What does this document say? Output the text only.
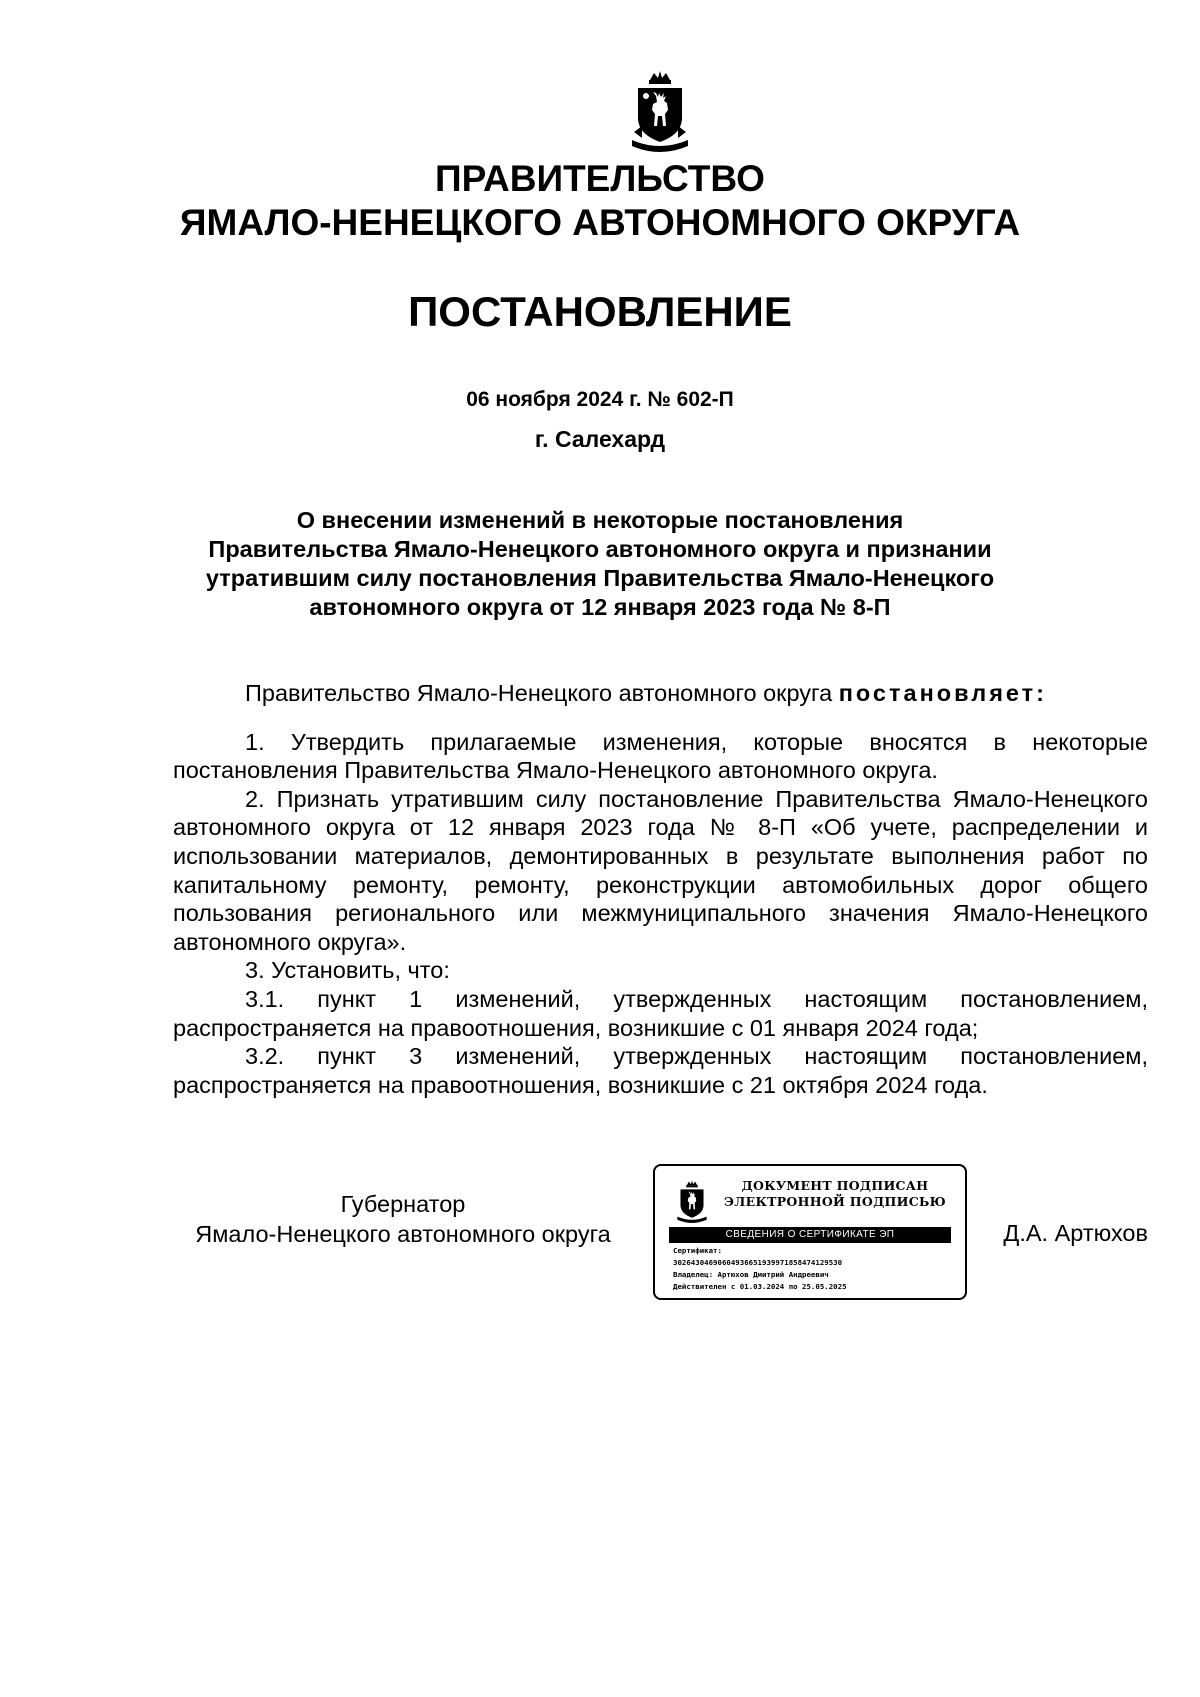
ПРАВИТЕЛЬСТВО
ЯМАЛО-НЕНЕЦКОГО АВТОНОМНОГО ОКРУГА
ПОСТАНОВЛЕНИЕ
06 ноября 2024 г. № 602-П
г. Салехард
О внесении изменений в некоторые постановления
Правительства Ямало-Ненецкого автономного округа и признании
утратившим силу постановления Правительства Ямало-Ненецкого
автономного округа от 12 января 2023 года № 8-П

Правительство Ямало-Ненецкого автономного округа постановляет:

1. Утвердить прилагаемые изменения, которые вносятся в некоторые постановления Правительства Ямало-Ненецкого автономного округа.

2. Признать утратившим силу постановление Правительства Ямало-Ненецкого автономного округа от 12 января 2023 года № 8-П «Об учете, распределении и использовании материалов, демонтированных в результате выполнения работ по капитальному ремонту, ремонту, реконструкции автомобильных дорог общего пользования регионального или межмуниципального значения Ямало-Ненецкого автономного округа».

3. Установить, что:

3.1. пункт 1 изменений, утвержденных настоящим постановлением, распространяется на правоотношения, возникшие с 01 января 2024 года;

3.2. пункт 3 изменений, утвержденных настоящим постановлением, распространяется на правоотношения, возникшие с 21 октября 2024 года.

Губернатор
Ямало-Ненецкого автономного округа
ДОКУМЕНТ ПОДПИСАН
ЭЛЕКТРОННОЙ ПОДПИСЬЮ
СВЕДЕНИЯ О СЕРТИФИКАТЕ ЭП
Сертификат:
30264304690604936651939971858474129530
Владелец: Артюхов Дмитрий Андреевич
Действителен с 01.03.2024 по 25.05.2025
Д.А. Артюхов
